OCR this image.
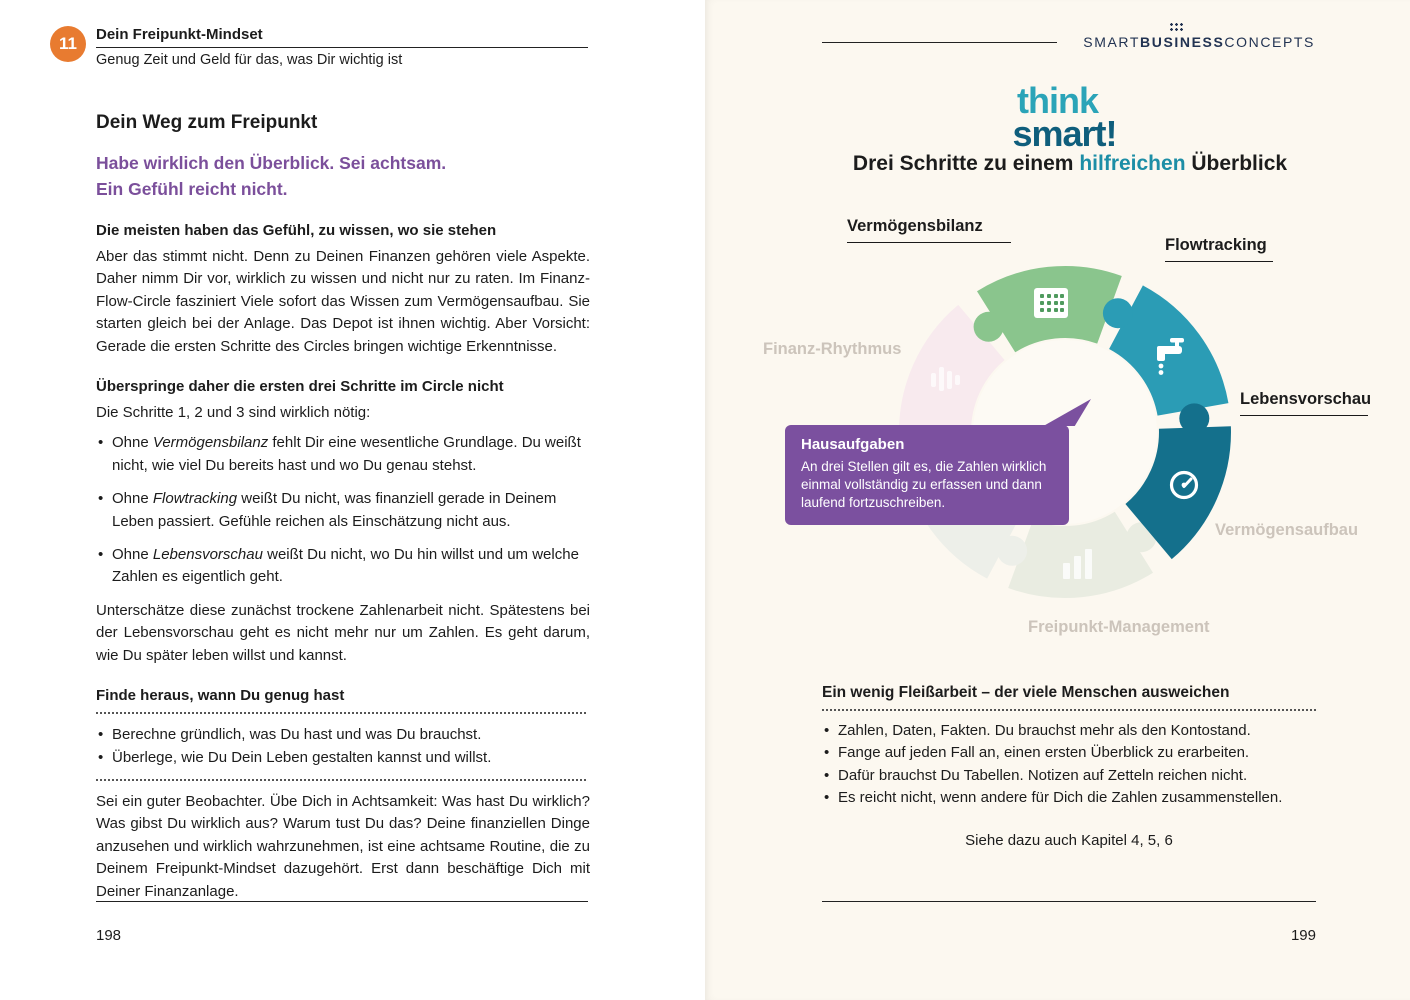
11 Dein Freipunkt-Mindset
Genug Zeit und Geld für das, was Dir wichtig ist
Dein Weg zum Freipunkt
Habe wirklich den Überblick. Sei achtsam.
Ein Gefühl reicht nicht.
Die meisten haben das Gefühl, zu wissen, wo sie stehen

Aber das stimmt nicht. Denn zu Deinen Finanzen gehören viele Aspekte. Daher nimm Dir vor, wirklich zu wissen und nicht nur zu raten. Im Finanz-Flow-Circle fasziniert Viele sofort das Wissen zum Vermögensaufbau. Sie starten gleich bei der Anlage. Das Depot ist ihnen wichtig. Aber Vorsicht: Gerade die ersten Schritte des Circles bringen wichtige Erkenntnisse.

Überspringe daher die ersten drei Schritte im Circle nicht

Die Schritte 1, 2 und 3 sind wirklich nötig:

• Ohne Vermögensbilanz fehlt Dir eine wesentliche Grundlage. Du weißt nicht, wie viel Du bereits hast und wo Du genau stehst.
• Ohne Flowtracking weißt Du nicht, was finanziell gerade in Deinem Leben passiert. Gefühle reichen als Einschätzung nicht aus.
• Ohne Lebensvorschau weißt Du nicht, wo Du hin willst und um welche Zahlen es eigentlich geht.

Unterschätze diese zunächst trockene Zahlenarbeit nicht. Spätestens bei der Lebensvorschau geht es nicht mehr nur um Zahlen. Es geht darum, wie Du später leben willst und kannst.

Finde heraus, wann Du genug hast
• Berechne gründlich, was Du hast und was Du brauchst.
• Überlege, wie Du Dein Leben gestalten kannst und willst.

Sei ein guter Beobachter. Übe Dich in Achtsamkeit: Was hast Du wirklich? Was gibst Du wirklich aus? Warum tust Du das? Deine finanziellen Dinge anzusehen und wirklich wahrzunehmen, ist eine achtsame Routine, die zu Deinem Freipunkt-Mindset dazugehört. Erst dann beschäftige Dich mit Deiner Finanzanlage.

198
SMARTBUSINESSCONCEPTS
think
smart!
Drei Schritte zu einem hilfreichen Überblick
Vermögensbilanz
Flowtracking
Lebensvorschau
Finanz-Rhythmus
Vermögensaufbau
Freipunkt-Management
Hausaufgaben
An drei Stellen gilt es, die Zahlen wirklich einmal vollständig zu erfassen und dann laufend fortzuschreiben.
Ein wenig Fleißarbeit – der viele Menschen ausweichen
• Zahlen, Daten, Fakten. Du brauchst mehr als den Kontostand.
• Fange auf jeden Fall an, einen ersten Überblick zu erarbeiten.
• Dafür brauchst Du Tabellen. Notizen auf Zetteln reichen nicht.
• Es reicht nicht, wenn andere für Dich die Zahlen zusammenstellen.
Siehe dazu auch Kapitel 4, 5, 6
199
